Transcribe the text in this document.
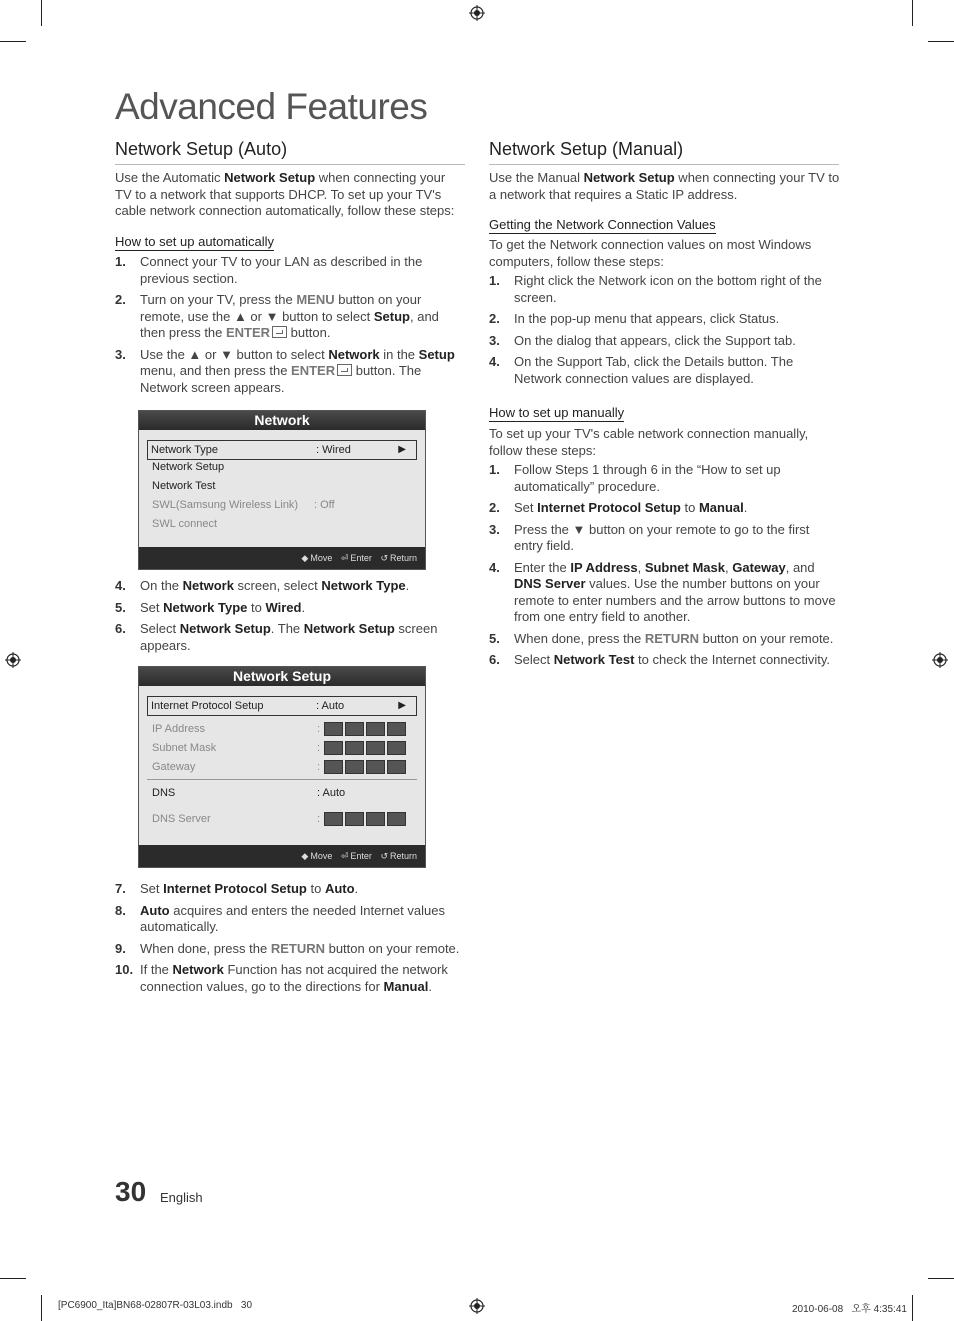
Advanced Features
Network Setup (Auto)
Use the Automatic Network Setup when connecting your TV to a network that supports DHCP. To set up your TV's cable network connection automatically, follow these steps:
How to set up automatically
1. Connect your TV to your LAN as described in the previous section.
2. Turn on your TV, press the MENU button on your remote, use the ▲ or ▼ button to select Setup, and then press the ENTER button.
3. Use the ▲ or ▼ button to select Network in the Setup menu, and then press the ENTER button. The Network screen appears.
Network
Network Type	: Wired	▶
Network Setup
Network Test
SWL(Samsung Wireless Link) : Off
SWL connect
◆ Move ⏎ Enter ↺ Return
4. On the Network screen, select Network Type.
5. Set Network Type to Wired.
6. Select Network Setup. The Network Setup screen appears.
Network Setup
Internet Protocol Setup	: Auto	▶
IP Address	:
Subnet Mask	:
Gateway	:
DNS	: Auto
DNS Server	:
◆ Move ⏎ Enter ↺ Return
7. Set Internet Protocol Setup to Auto.
8. Auto acquires and enters the needed Internet values automatically.
9. When done, press the RETURN button on your remote.
10. If the Network Function has not acquired the network connection values, go to the directions for Manual.
Network Setup (Manual)
Use the Manual Network Setup when connecting your TV to a network that requires a Static IP address.
Getting the Network Connection Values
To get the Network connection values on most Windows computers, follow these steps:
1. Right click the Network icon on the bottom right of the screen.
2. In the pop-up menu that appears, click Status.
3. On the dialog that appears, click the Support tab.
4. On the Support Tab, click the Details button. The Network connection values are displayed.
How to set up manually
To set up your TV's cable network connection manually, follow these steps:
1. Follow Steps 1 through 6 in the “How to set up automatically” procedure.
2. Set Internet Protocol Setup to Manual.
3. Press the ▼ button on your remote to go to the first entry field.
4. Enter the IP Address, Subnet Mask, Gateway, and DNS Server values. Use the number buttons on your remote to enter numbers and the arrow buttons to move from one entry field to another.
5. When done, press the RETURN button on your remote.
6. Select Network Test to check the Internet connectivity.
30 English
[PC6900_Ita]BN68-02807R-03L03.indb   30	2010-06-08   오후 4:35:41
